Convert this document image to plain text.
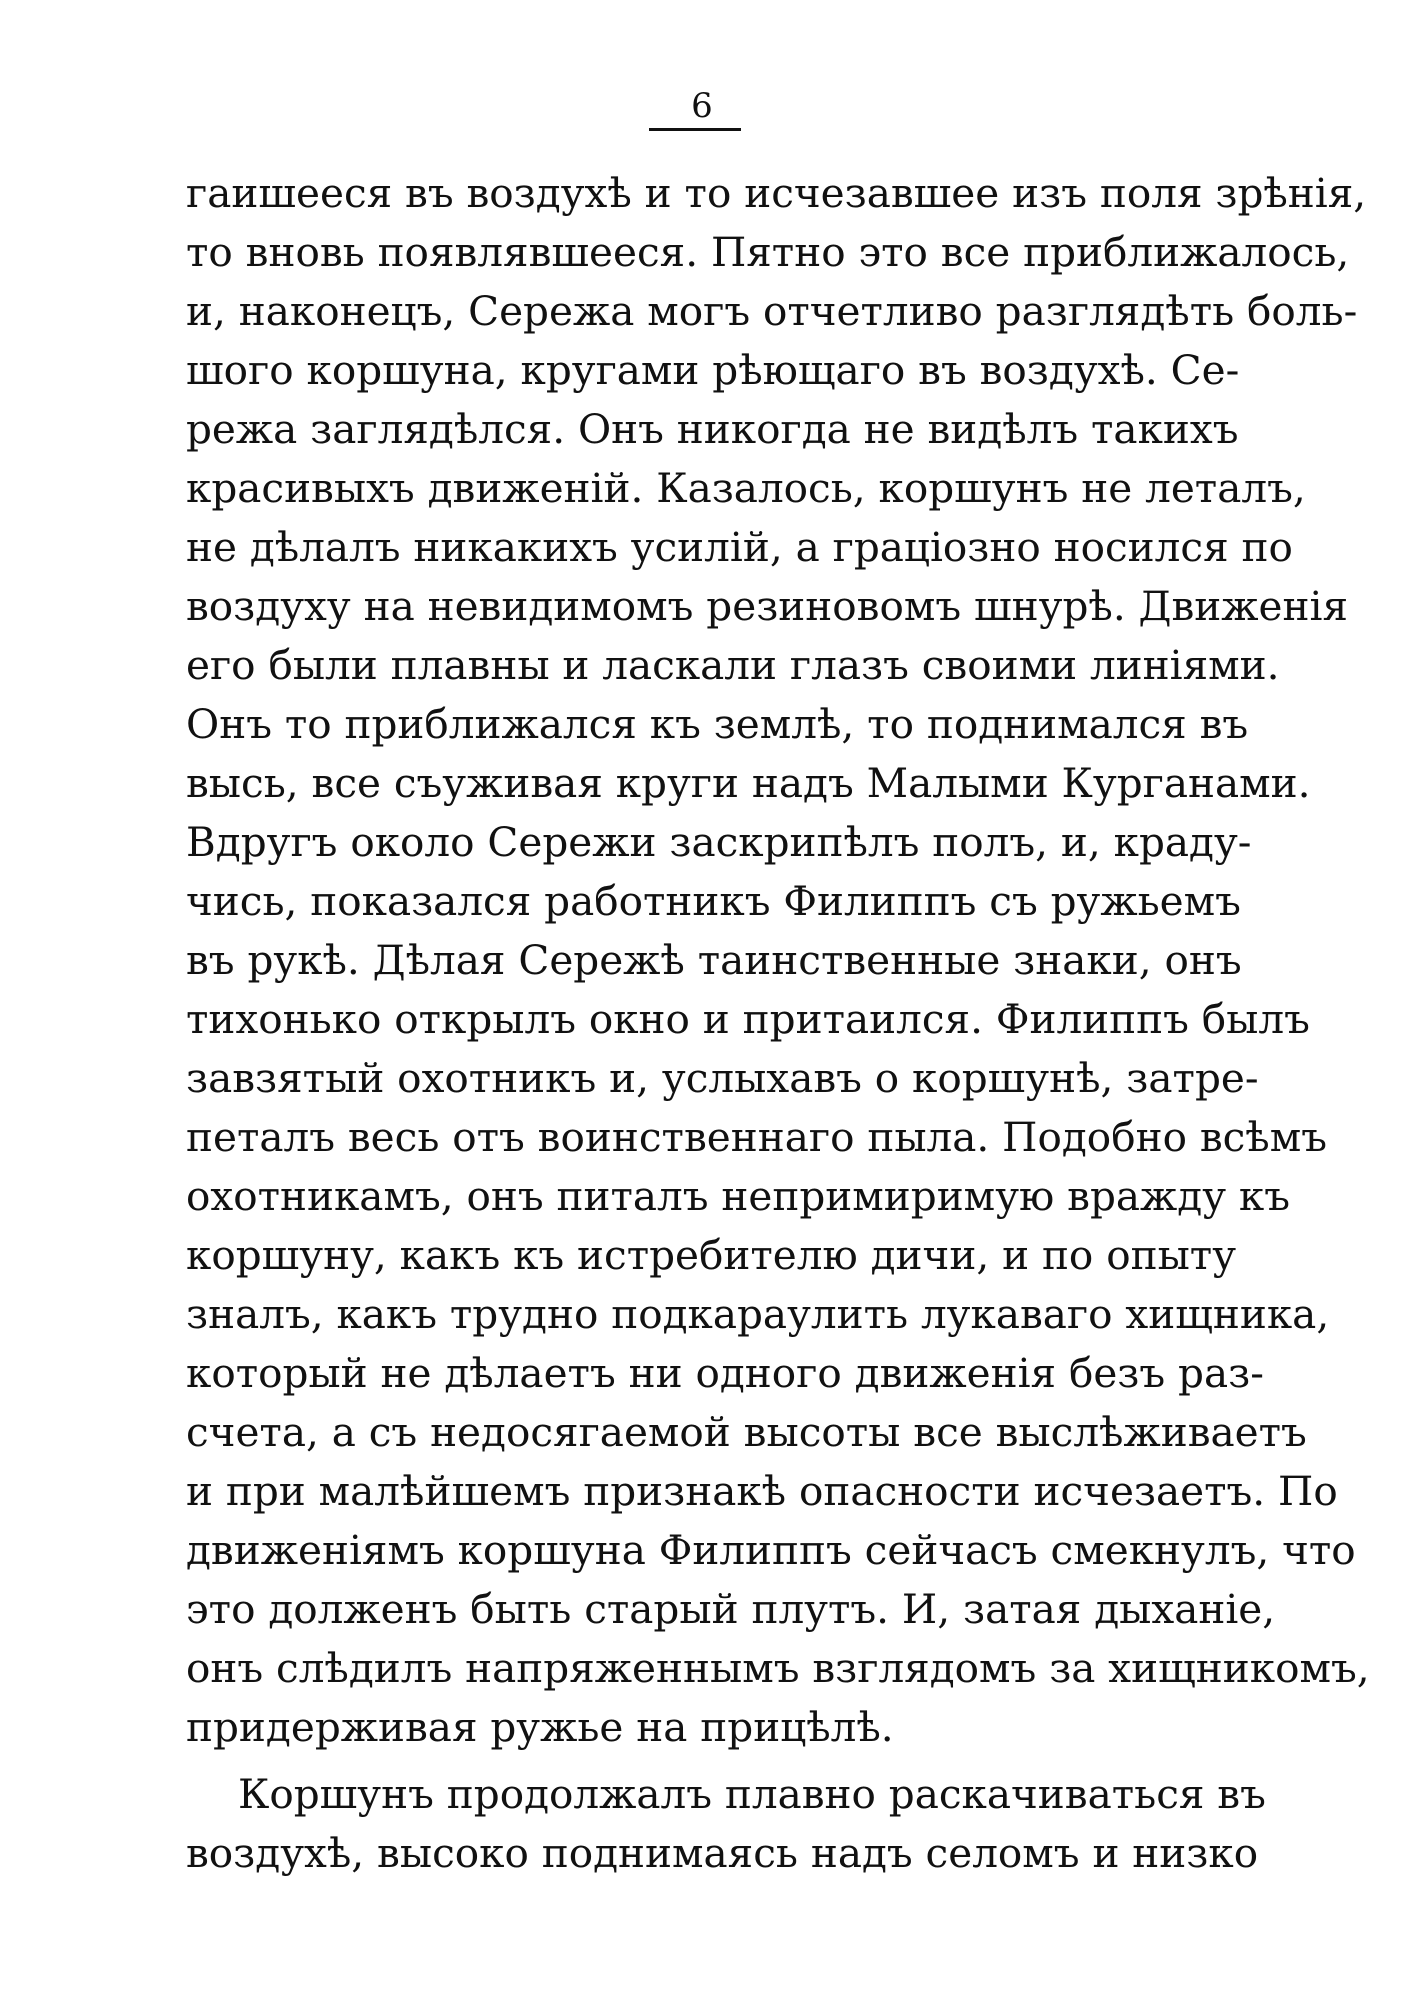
6
гаишееся въ воздухѣ и то исчезавшее изъ поля зрѣнія,
то вновь появлявшееся. Пятно это все приближалось,
и, наконецъ, Сережа могъ отчетливо разглядѣть боль-
шого коршуна, кругами рѣющаго въ воздухѣ. Се-
режа заглядѣлся. Онъ никогда не видѣлъ такихъ
красивыхъ движеній. Казалось, коршунъ не леталъ,
не дѣлалъ никакихъ усилій, а граціозно носился по
воздуху на невидимомъ резиновомъ шнурѣ. Движенія
его были плавны и ласкали глазъ своими линіями.
Онъ то приближался къ землѣ, то поднимался въ
высь, все съуживая круги надъ Малыми Курганами.
Вдругъ около Сережи заскрипѣлъ полъ, и, краду-
чись, показался работникъ Филиппъ съ ружьемъ
въ рукѣ. Дѣлая Сережѣ таинственные знаки, онъ
тихонько открылъ окно и притаился. Филиппъ былъ
завзятый охотникъ и, услыхавъ о коршунѣ, затре-
петалъ весь отъ воинственнаго пыла. Подобно всѣмъ
охотникамъ, онъ питалъ непримиримую вражду къ
коршуну, какъ къ истребителю дичи, и по опыту
зналъ, какъ трудно подкараулить лукаваго хищника,
который не дѣлаетъ ни одного движенія безъ раз-
счета, а съ недосягаемой высоты все выслѣживаетъ
и при малѣйшемъ признакѣ опасности исчезаетъ. По
движеніямъ коршуна Филиппъ сейчасъ смекнулъ, что
это долженъ быть старый плутъ. И, затая дыханіе,
онъ слѣдилъ напряженнымъ взглядомъ за хищникомъ,
придерживая ружье на прицѣлѣ.
Коршунъ продолжалъ плавно раскачиваться въ
воздухѣ, высоко поднимаясь надъ селомъ и низко
